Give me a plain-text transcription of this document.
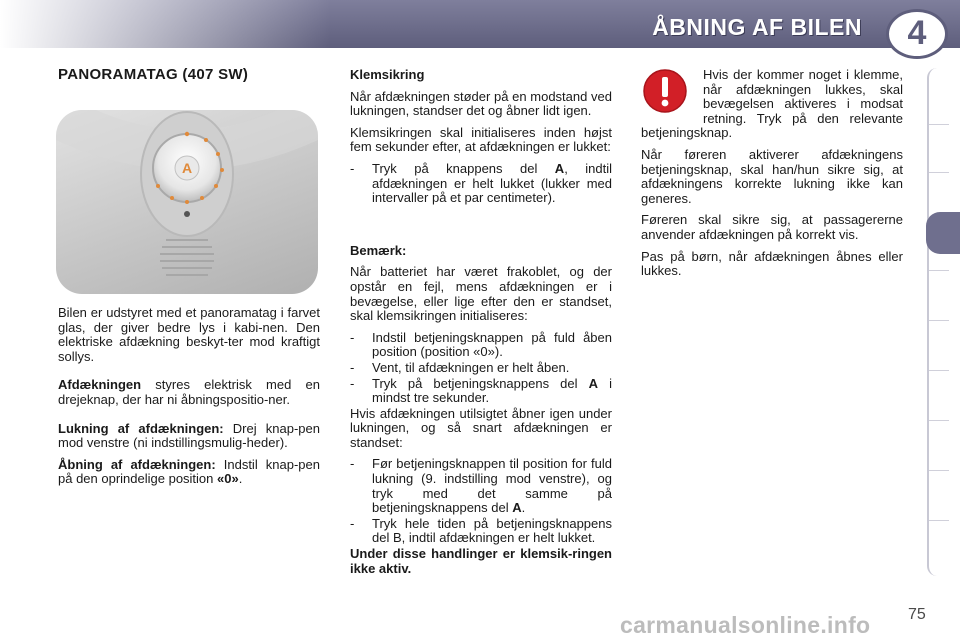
ÅBNING AF BILEN	4
PANORAMATAG (407 SW)
A

Bilen er udstyret med et panoramatag i farvet glas, der giver bedre lys i kabi-nen. Den elektriske afdækning beskyt-ter mod kraftigt sollys.

Afdækningen styres elektrisk med en drejeknap, der har ni åbningspositio-ner.

Lukning af afdækningen: Drej knap-pen mod venstre (ni indstillingsmulig-heder).

Åbning af afdækningen: Indstil knap-pen på den oprindelige position «0».

Klemsikring

Når afdækningen støder på en modstand ved lukningen, standser det og åbner lidt igen.

Klemsikringen skal initialiseres inden højst fem sekunder efter, at afdækningen er lukket:

- Tryk på knappens del A, indtil afdækningen er helt lukket (lukker med intervaller på et par centimeter).

Bemærk:

Når batteriet har været frakoblet, og der opstår en fejl, mens afdækningen er i bevægelse, eller lige efter den er standset, skal klemsikringen initialiseres:

- Indstil betjeningsknappen på fuld åben position (position «0»).

- Vent, til afdækningen er helt åben.

- Tryk på betjeningsknappens del A i mindst tre sekunder.

Hvis afdækningen utilsigtet åbner igen under lukningen, og så snart afdækningen er standset:

- Før betjeningsknappen til position for fuld lukning (9. indstilling mod venstre), og tryk med det samme på betjeningsknappens del A.

- Tryk hele tiden på betjeningsknappens del B, indtil afdækningen er helt lukket.

Under disse handlinger er klemsik-ringen ikke aktiv.

Hvis der kommer noget i klemme, når afdækningen lukkes, skal bevægelsen aktiveres i modsat retning. Tryk på den relevante betjeningsknap.

Når føreren aktiverer afdækningens betjeningsknap, skal han/hun sikre sig, at afdækningens korrekte lukning ikke kan generes.

Føreren skal sikre sig, at passagererne anvender afdækningen på korrekt vis.

Pas på børn, når afdækningen åbnes eller lukkes.

carmanualsonline.info 75
